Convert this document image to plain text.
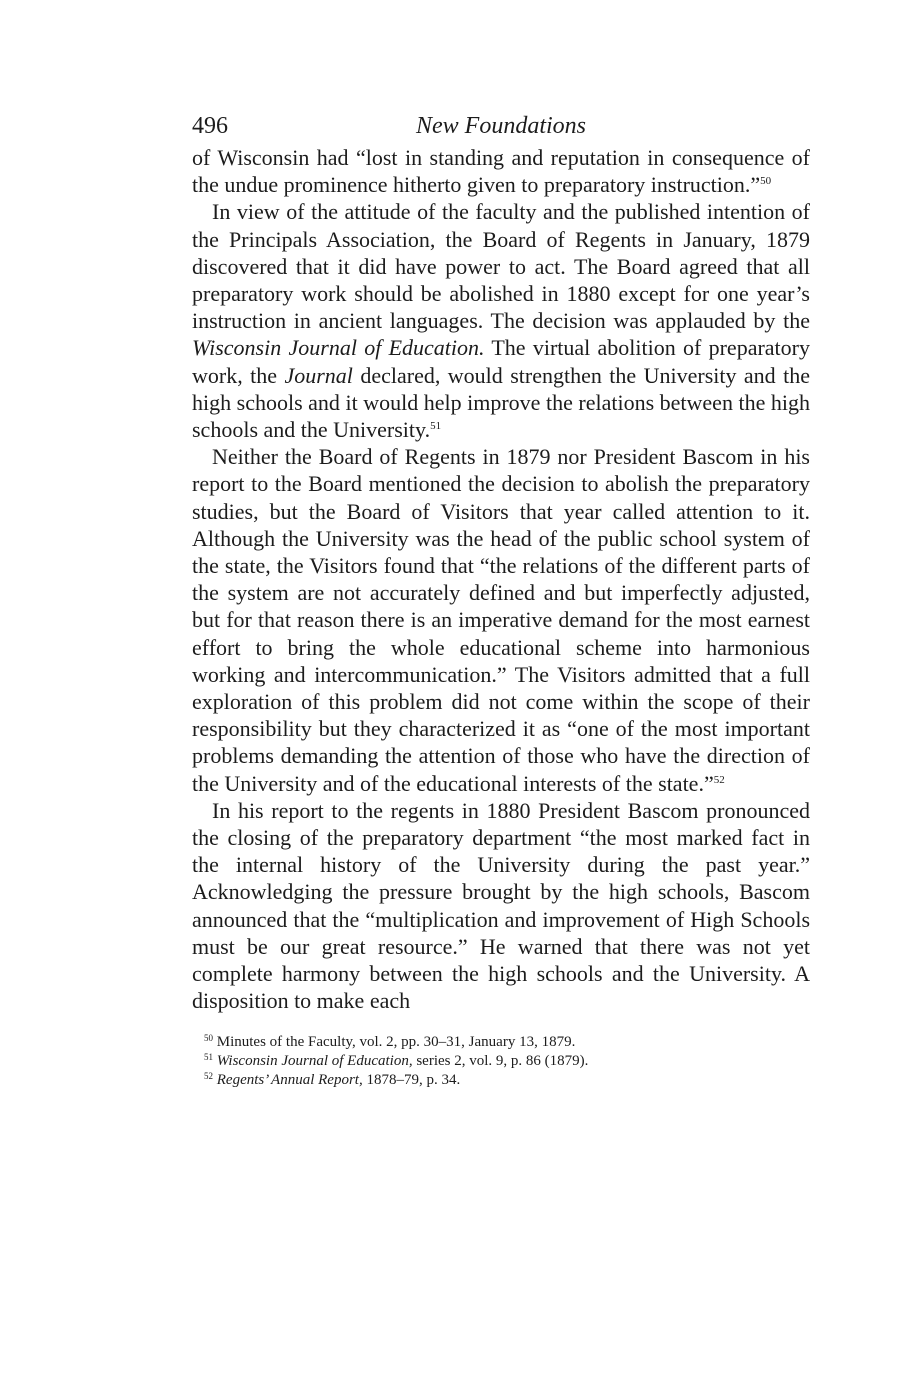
496	New Foundations

of Wisconsin had “lost in standing and reputation in consequence of the undue prominence hitherto given to preparatory instruction.”$^{50}$

In view of the attitude of the faculty and the published intention of the Principals Association, the Board of Regents in January, 1879 discovered that it did have power to act. The Board agreed that all preparatory work should be abolished in 1880 except for one year’s instruction in ancient languages. The decision was applauded by the Wisconsin Journal of Education. The virtual abolition of preparatory work, the Journal declared, would strengthen the University and the high schools and it would help improve the relations between the high schools and the University.$^{51}$

Neither the Board of Regents in 1879 nor President Bascom in his report to the Board mentioned the decision to abolish the preparatory studies, but the Board of Visitors that year called attention to it. Although the University was the head of the public school system of the state, the Visitors found that “the relations of the different parts of the system are not accurately defined and but imperfectly adjusted, but for that reason there is an imperative demand for the most earnest effort to bring the whole educational scheme into harmonious working and intercommunication.” The Visitors admitted that a full exploration of this problem did not come within the scope of their responsibility but they characterized it as “one of the most important problems demanding the attention of those who have the direction of the University and of the educational interests of the state.”$^{52}$

In his report to the regents in 1880 President Bascom pronounced the closing of the preparatory department “the most marked fact in the internal history of the University during the past year.” Acknowledging the pressure brought by the high schools, Bascom announced that the “multiplication and improvement of High Schools must be our great resource.” He warned that there was not yet complete harmony between the high schools and the University. A disposition to make each

$^{50}$ Minutes of the Faculty, vol. 2, pp. 30–31, January 13, 1879.

$^{51}$ Wisconsin Journal of Education, series 2, vol. 9, p. 86 (1879).

$^{52}$ Regents’ Annual Report, 1878–79, p. 34.
